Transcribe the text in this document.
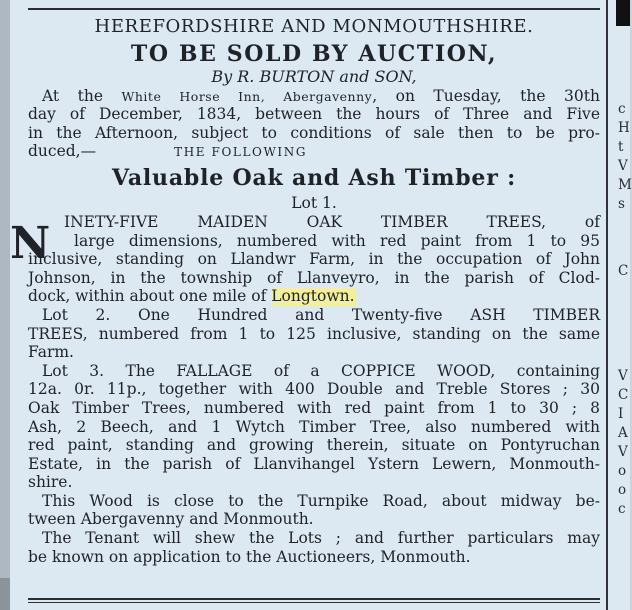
N
HEREFORDSHIRE AND MONMOUTHSHIRE.
TO BE SOLD BY AUCTION,
By R. BURTON and SON,
At the White Horse Inn, Abergavenny, on Tuesday, the 30th
day of December, 1834, between the hours of Three and Five
in the Afternoon, subject to conditions of sale then to be pro-
duced,—	THE FOLLOWING
Valuable Oak and Ash Timber :
Lot 1.
INETY-FIVE MAIDEN OAK TIMBER TREES, of
large dimensions, numbered with red paint from 1 to 95
inclusive, standing on Llandwr Farm, in the occupation of John
Johnson, in the township of Llanveyro, in the parish of Clod-
dock, within about one mile of Longtown.
Lot 2. One Hundred and Twenty-five ASH TIMBER
TREES, numbered from 1 to 125 inclusive, standing on the same
Farm.
Lot 3. The FALLAGE of a COPPICE WOOD, containing
12a. 0r. 11p., together with 400 Double and Treble Stores ; 30
Oak Timber Trees, numbered with red paint from 1 to 30 ; 8
Ash, 2 Beech, and 1 Wytch Timber Tree, also numbered with
red paint, standing and growing therein, situate on Pontyruchan
Estate, in the parish of Llanvihangel Ystern Lewern, Monmouth-
shire.
This Wood is close to the Turnpike Road, about midway be-
tween Abergavenny and Monmouth.
The Tenant will shew the Lots ; and further particulars may
be known on application to the Auctioneers, Monmouth.
c
H
t
V
M
s
C
V
C
I
A
V
o
o
c
